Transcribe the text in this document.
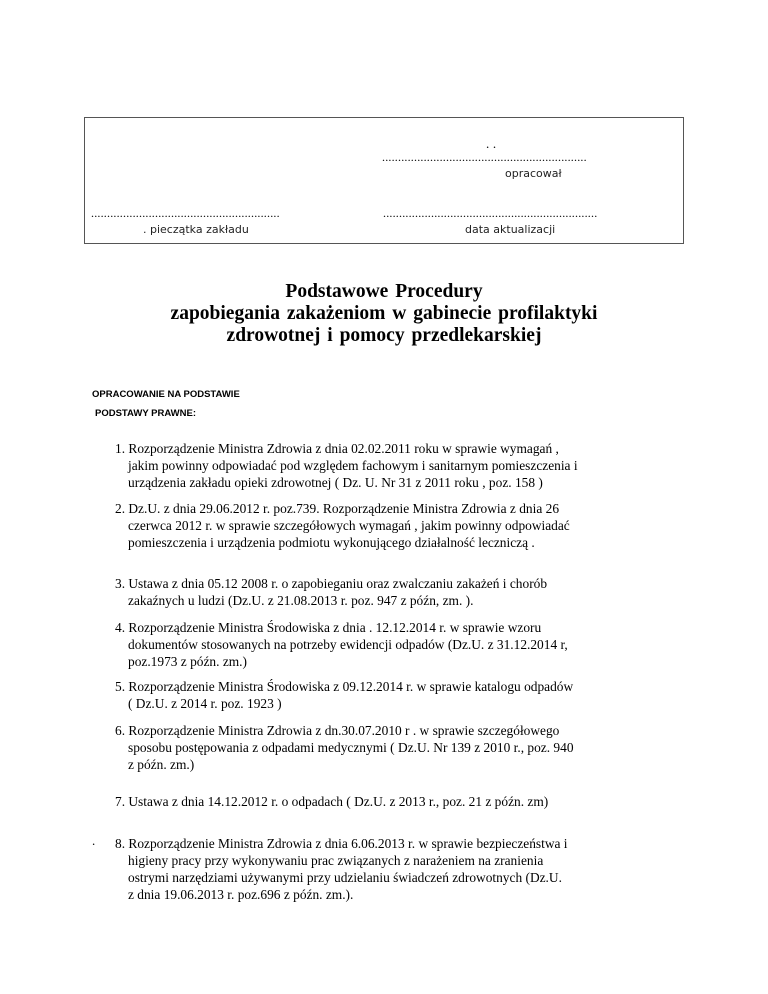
. .
................................................................
opracował
...........................................................
. pieczątka zakładu
...................................................................
data aktualizacji
Podstawowe Procedury
zapobiegania zakażeniom w gabinecie profilaktyki
zdrowotnej i pomocy przedlekarskiej
OPRACOWANIE NA PODSTAWIE
PODSTAWY PRAWNE:
.
1. Rozporządzenie Ministra Zdrowia z dnia 02.02.2011 roku w sprawie wymagań ,
jakim powinny odpowiadać pod względem fachowym i sanitarnym pomieszczenia i
urządzenia zakładu opieki zdrowotnej ( Dz. U. Nr 31 z 2011 roku , poz. 158 )
2. Dz.U. z dnia 29.06.2012 r. poz.739. Rozporządzenie Ministra Zdrowia z dnia 26
czerwca 2012 r. w sprawie szczegółowych wymagań , jakim powinny odpowiadać
pomieszczenia i urządzenia podmiotu wykonującego działalność leczniczą .
3. Ustawa z dnia 05.12 2008 r. o zapobieganiu oraz zwalczaniu zakażeń i chorób
zakaźnych u ludzi (Dz.U. z 21.08.2013 r. poz. 947 z późn, zm. ).
4. Rozporządzenie Ministra Środowiska z dnia . 12.12.2014 r. w sprawie wzoru
dokumentów stosowanych na potrzeby ewidencji odpadów (Dz.U. z 31.12.2014 r,
poz.1973 z późn. zm.)
5. Rozporządzenie Ministra Środowiska z 09.12.2014 r. w sprawie katalogu odpadów
( Dz.U. z 2014 r. poz. 1923 )
6. Rozporządzenie Ministra Zdrowia z dn.30.07.2010 r . w sprawie szczegółowego
sposobu postępowania z odpadami medycznymi ( Dz.U. Nr 139 z 2010 r., poz. 940
z późn. zm.)
7. Ustawa z dnia 14.12.2012 r. o odpadach ( Dz.U. z 2013 r., poz. 21 z późn. zm)
8. Rozporządzenie Ministra Zdrowia z dnia 6.06.2013 r. w sprawie bezpieczeństwa i
higieny pracy przy wykonywaniu prac związanych z narażeniem na zranienia
ostrymi narzędziami używanymi przy udzielaniu świadczeń zdrowotnych (Dz.U.
z dnia 19.06.2013 r. poz.696 z późn. zm.).
